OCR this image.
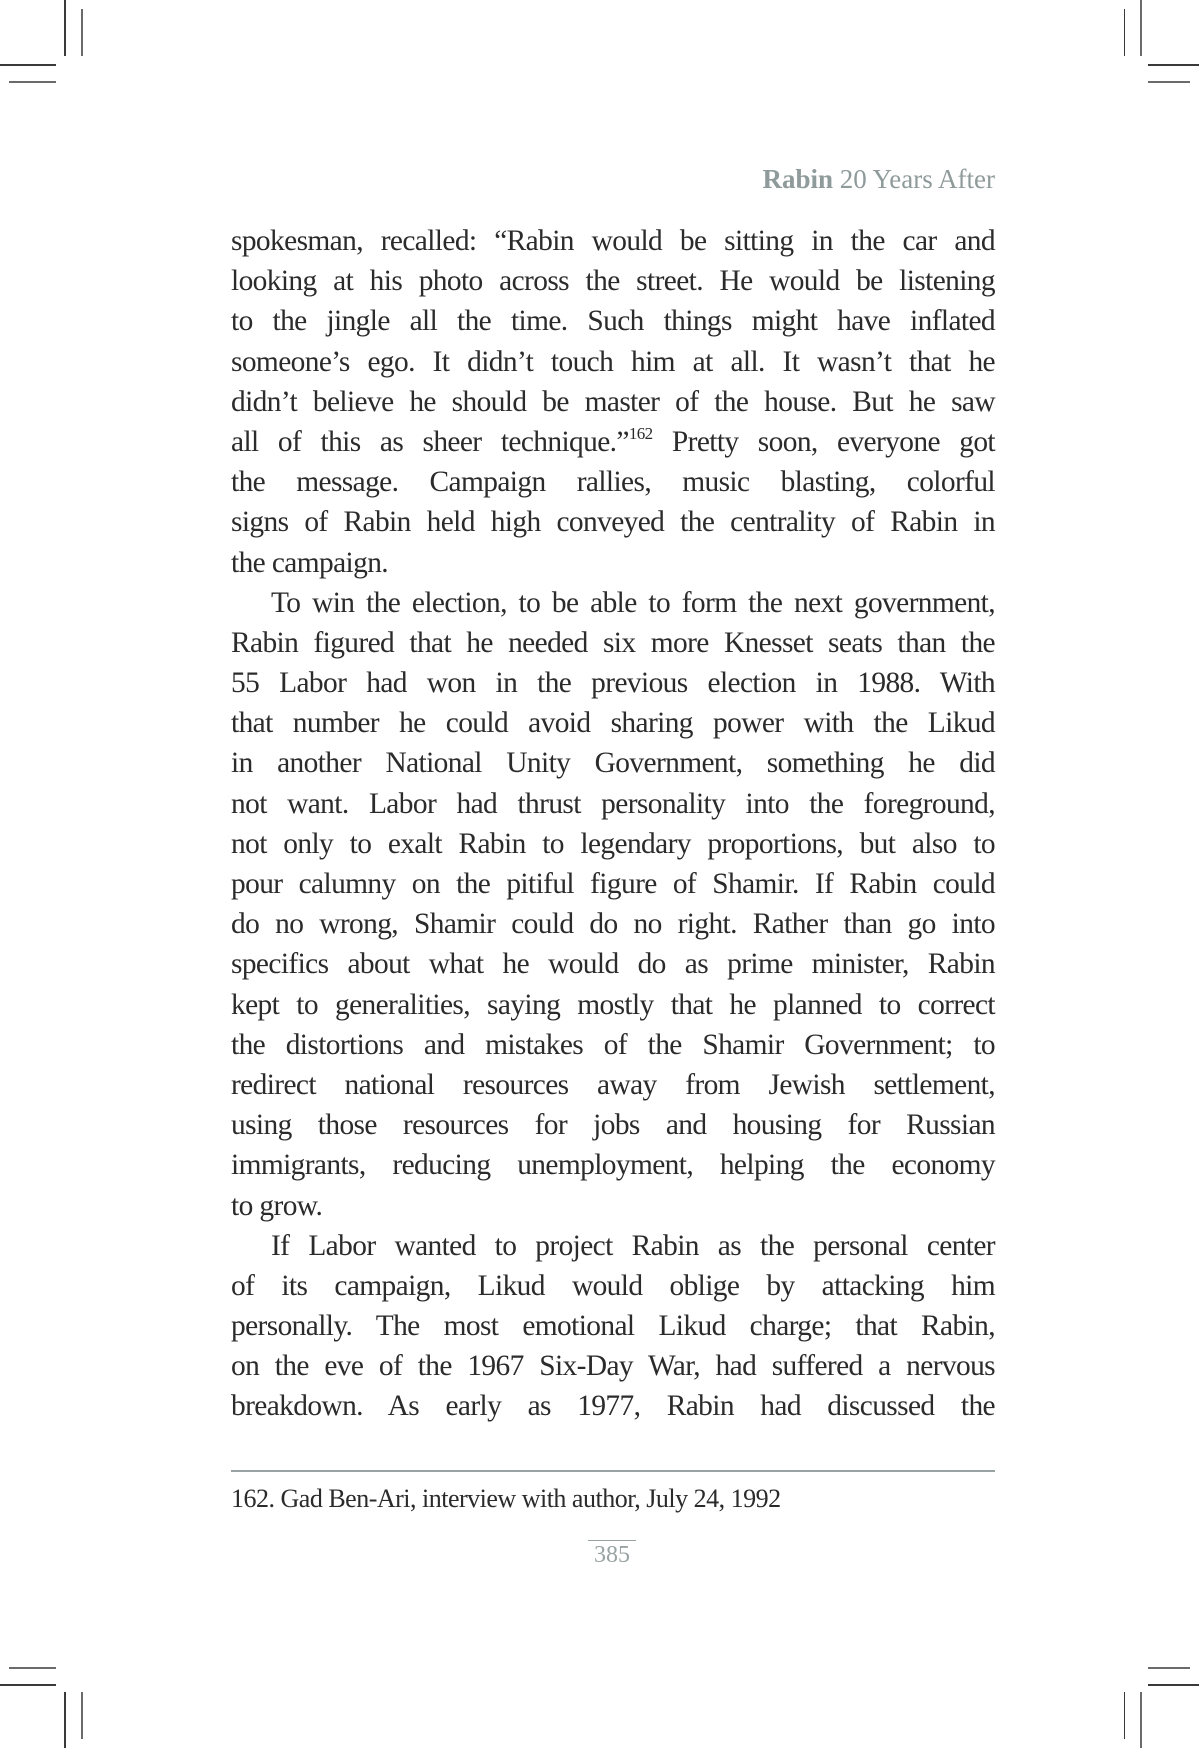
Rabin 20 Years After
spokesman, recalled: “Rabin would be sitting in the car and
looking at his photo across the street. He would be listening
to the jingle all the time. Such things might have inflated
someone’s ego. It didn’t touch him at all. It wasn’t that he
didn’t believe he should be master of the house. But he saw
all of this as sheer technique.”$^{162}$ Pretty soon, everyone got
the message. Campaign rallies, music blasting, colorful
signs of Rabin held high conveyed the centrality of Rabin in
the campaign.
To win the election, to be able to form the next government,
Rabin figured that he needed six more Knesset seats than the
55 Labor had won in the previous election in 1988. With
that number he could avoid sharing power with the Likud
in another National Unity Government, something he did
not want. Labor had thrust personality into the foreground,
not only to exalt Rabin to legendary proportions, but also to
pour calumny on the pitiful figure of Shamir. If Rabin could
do no wrong, Shamir could do no right. Rather than go into
specifics about what he would do as prime minister, Rabin
kept to generalities, saying mostly that he planned to correct
the distortions and mistakes of the Shamir Government; to
redirect national resources away from Jewish settlement,
using those resources for jobs and housing for Russian
immigrants, reducing unemployment, helping the economy
to grow.
If Labor wanted to project Rabin as the personal center
of its campaign, Likud would oblige by attacking him
personally. The most emotional Likud charge; that Rabin,
on the eve of the 1967 Six-Day War, had suffered a nervous
breakdown. As early as 1977, Rabin had discussed the
162. Gad Ben-Ari, interview with author, July 24, 1992
385
